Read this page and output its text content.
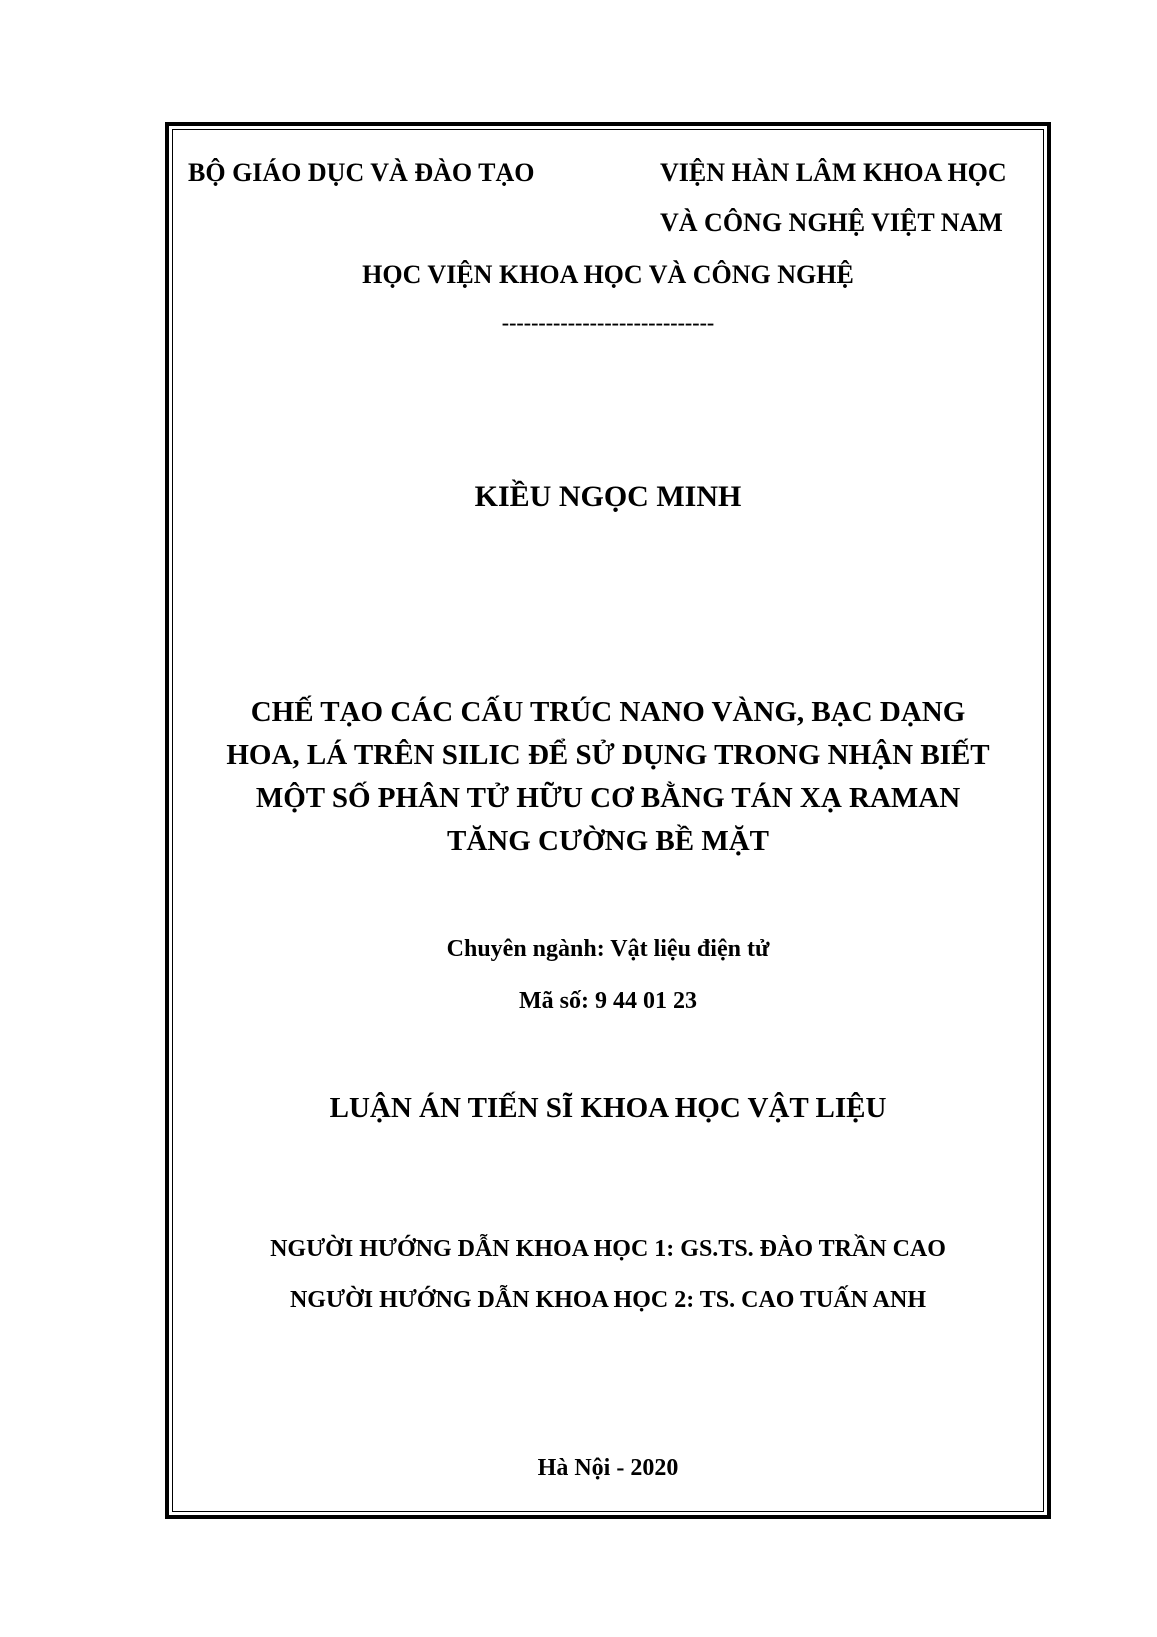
BỘ GIÁO DỤC VÀ ĐÀO TẠO	VIỆN HÀN LÂM KHOA HỌC
VÀ CÔNG NGHỆ VIỆT NAM
HỌC VIỆN KHOA HỌC VÀ CÔNG NGHỆ
-----------------------------
KIỀU NGỌC MINH
CHẾ TẠO CÁC CẤU TRÚC NANO VÀNG, BẠC DẠNG
HOA, LÁ TRÊN SILIC ĐỂ SỬ DỤNG TRONG NHẬN BIẾT
MỘT SỐ PHÂN TỬ HỮU CƠ BẰNG TÁN XẠ RAMAN
TĂNG CƯỜNG BỀ MẶT
Chuyên ngành: Vật liệu điện tử
Mã số: 9 44 01 23
LUẬN ÁN TIẾN SĨ KHOA HỌC VẬT LIỆU
NGƯỜI HƯỚNG DẪN KHOA HỌC 1: GS.TS. ĐÀO TRẦN CAO
NGƯỜI HƯỚNG DẪN KHOA HỌC 2: TS. CAO TUẤN ANH
Hà Nội - 2020
